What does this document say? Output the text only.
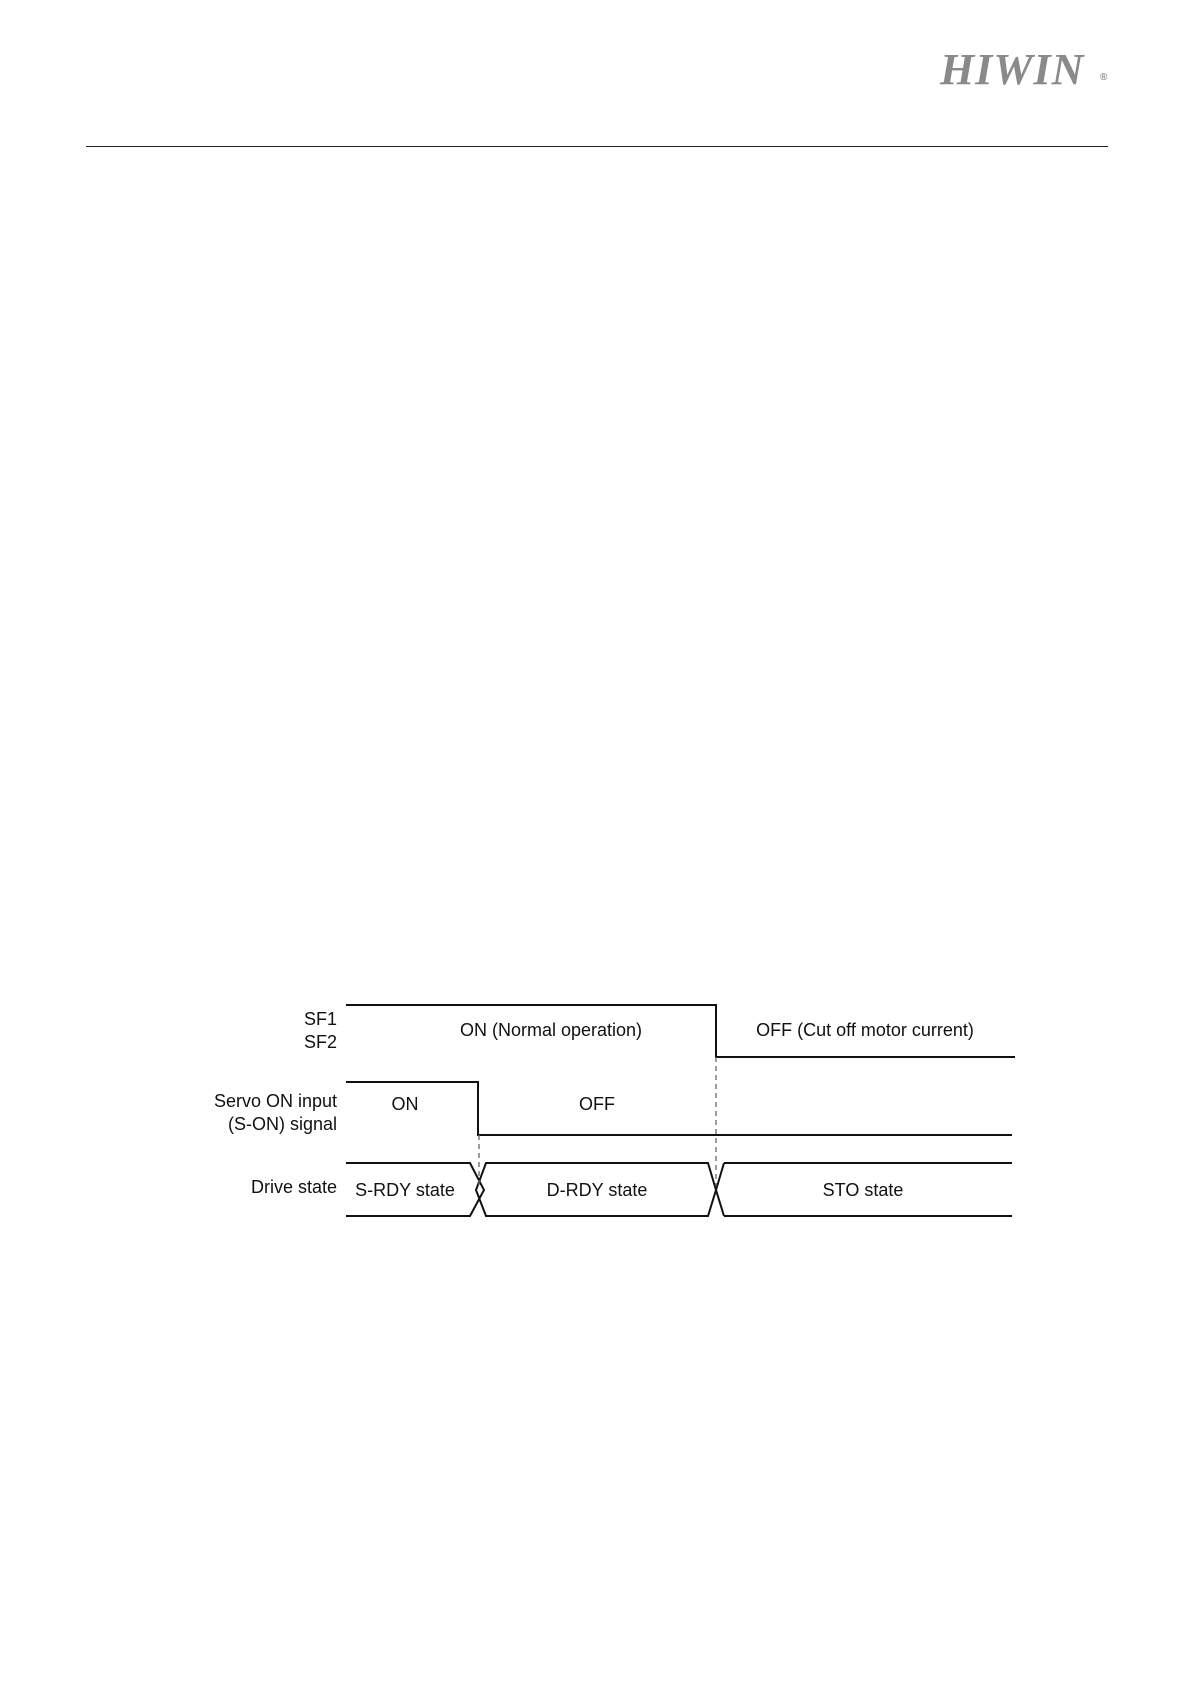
HIWIN ®
SF1
SF2
Servo ON input
(S-ON) signal
Drive state
ON (Normal operation)	OFF (Cut off motor current)
ON	OFF
S-RDY state	D-RDY state	STO state
